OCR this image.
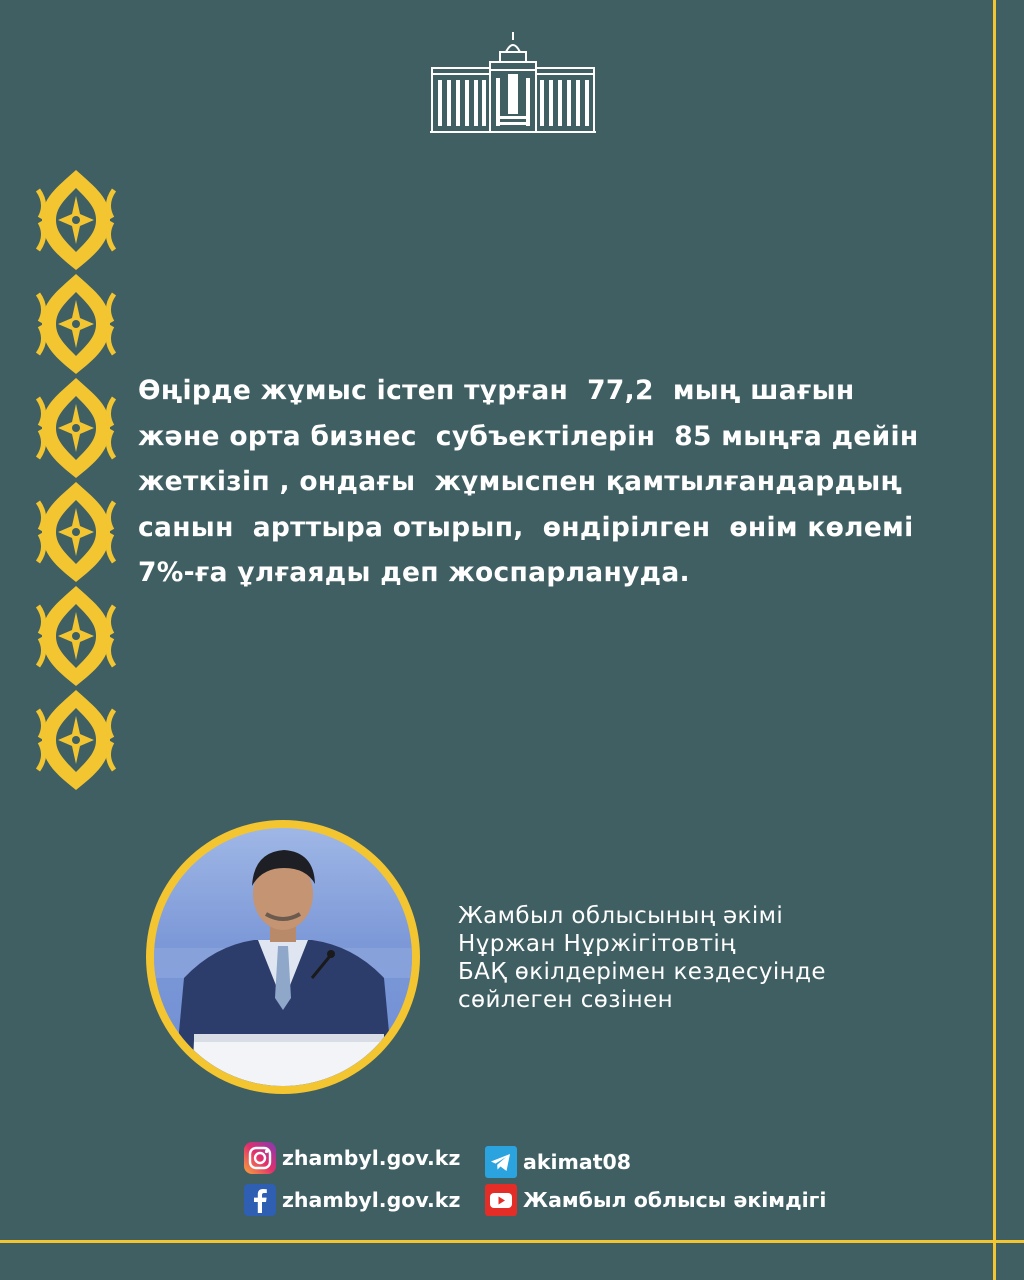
Өңірде жұмыс істеп тұрған  77,2  мың шағын
және орта бизнес  субъектілерін  85 мыңға дейін
жеткізіп , ондағы  жұмыспен қамтылғандардың
санын  арттыра отырып,  өндірілген  өнім көлемі
7%-ға ұлғаяды деп жоспарлануда.
Жамбыл облысының әкімі
Нұржан Нұржігітовтің
БАҚ өкілдерімен кездесуінде
сөйлеген сөзінен
zhambyl.gov.kz
zhambyl.gov.kz
akimat08
Жамбыл облысы әкімдігі
